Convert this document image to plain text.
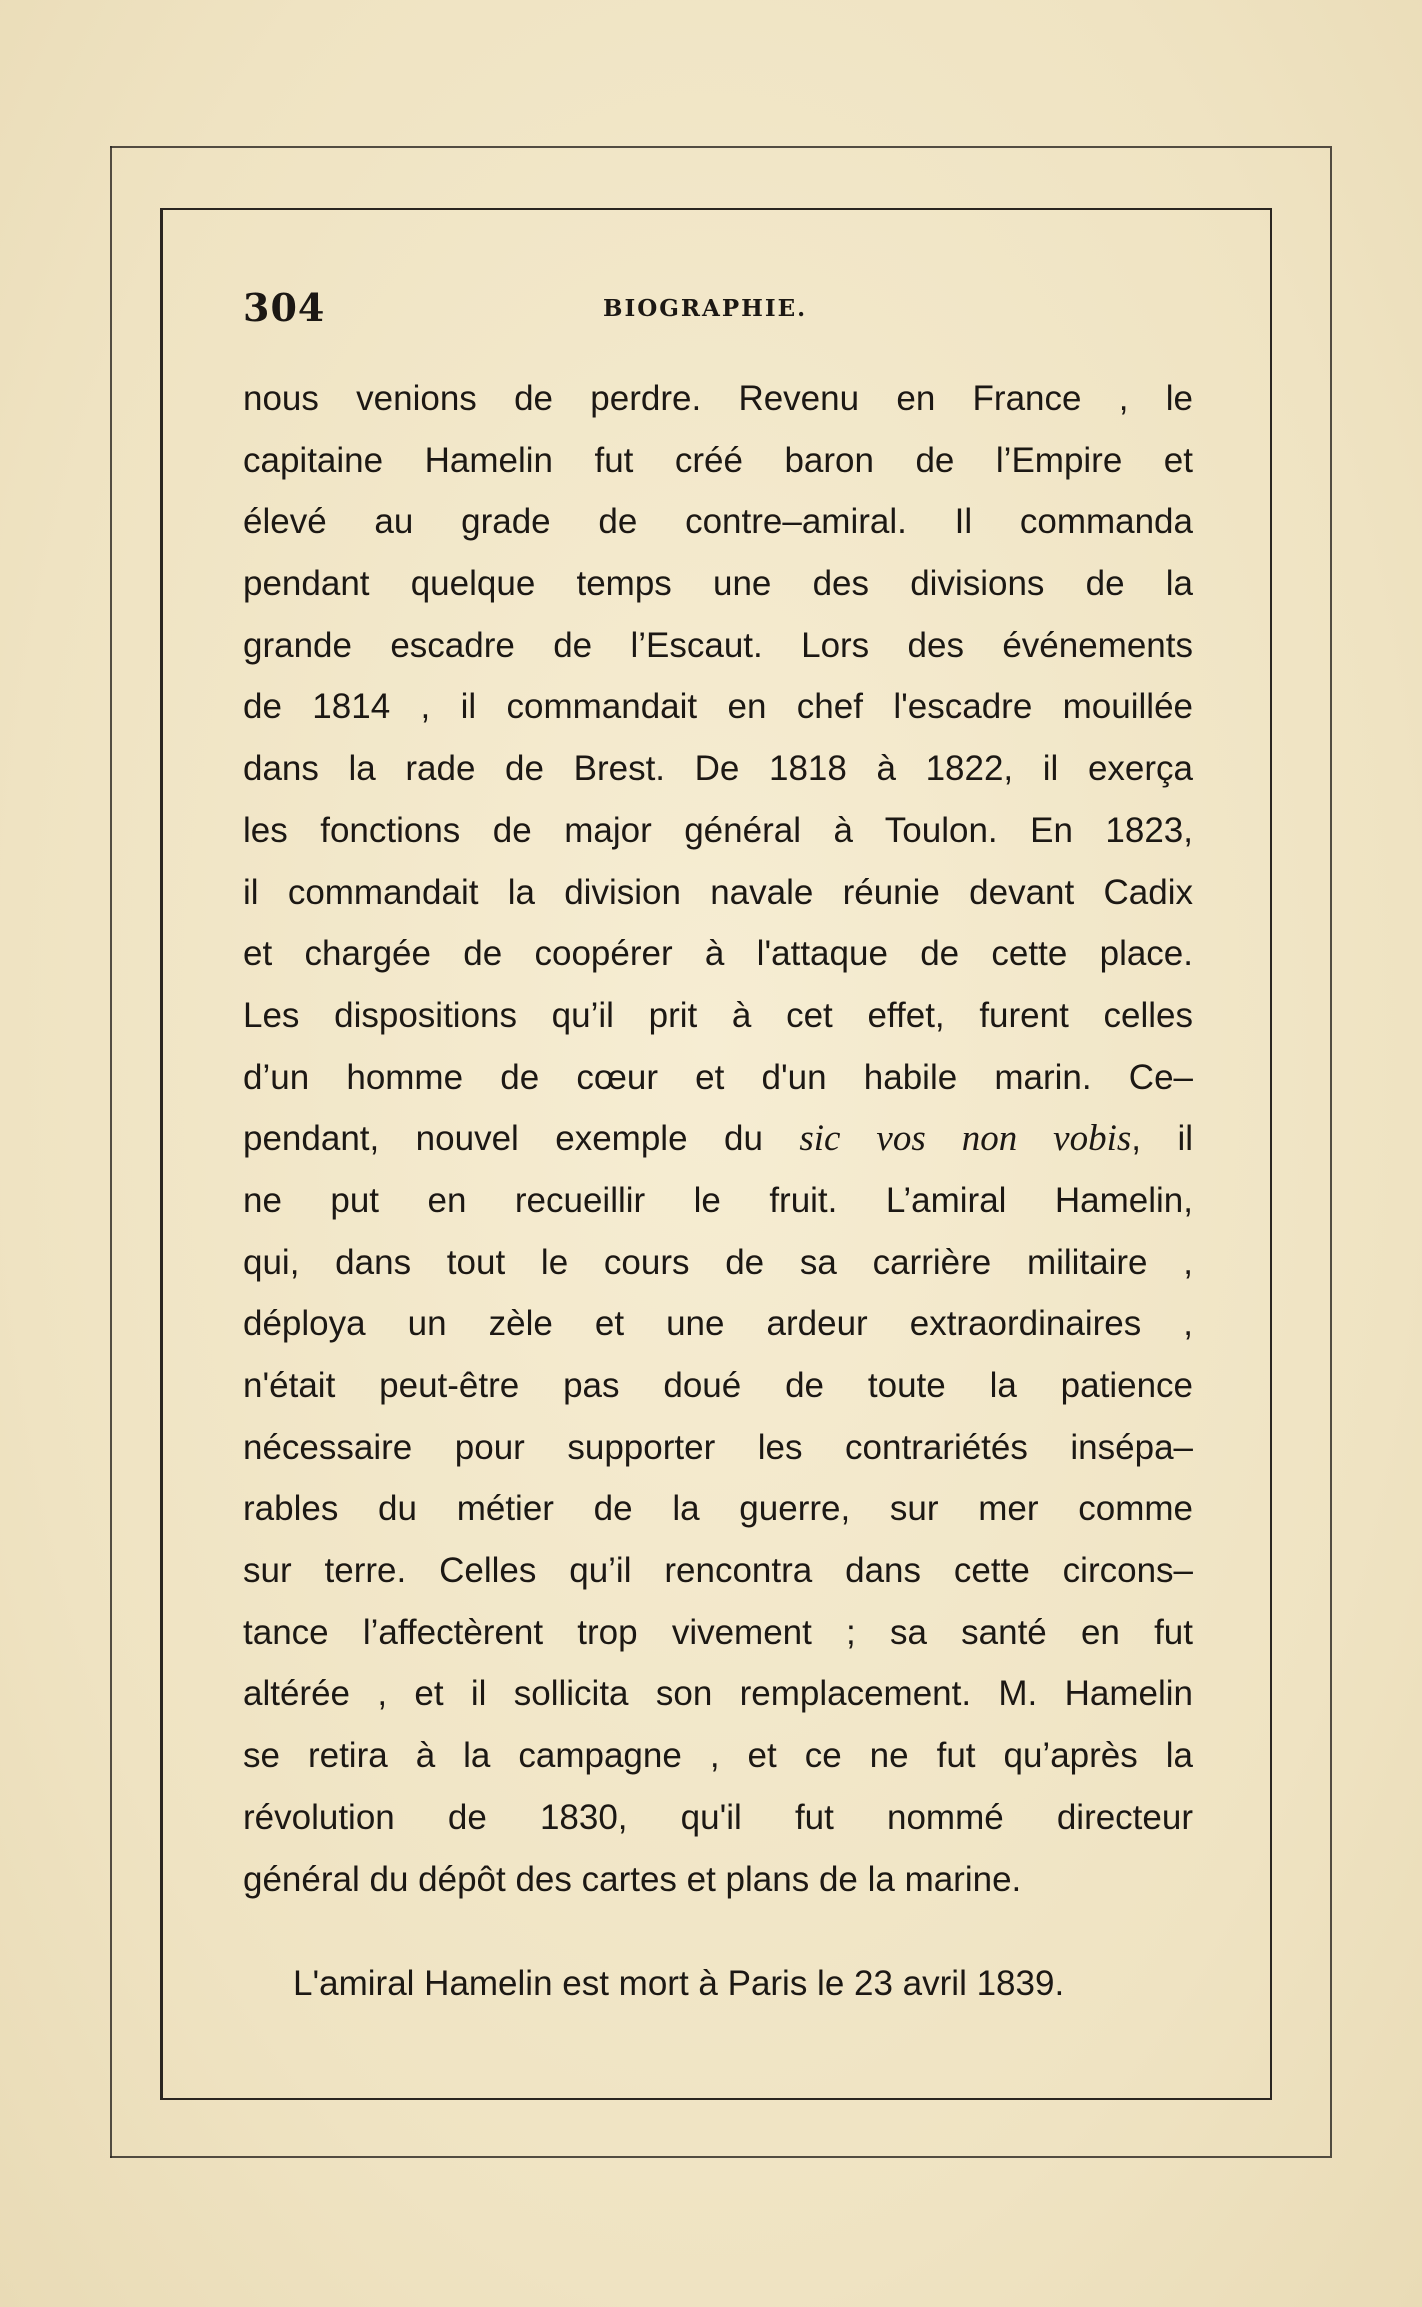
304	BIOGRAPHIE.
nous venions de perdre. Revenu en France , le
capitaine Hamelin fut créé baron de l’Empire et
élevé au grade de contre–amiral. Il commanda
pendant quelque temps une des divisions de la
grande escadre de l’Escaut. Lors des événements
de 1814 , il commandait en chef l'escadre mouillée
dans la rade de Brest. De 1818 à 1822, il exerça
les fonctions de major général à Toulon. En 1823,
il commandait la division navale réunie devant Cadix
et chargée de coopérer à l'attaque de cette place.
Les dispositions qu’il prit à cet effet, furent celles
d’un homme de cœur et d'un habile marin. Ce–
pendant, nouvel exemple du sic vos non vobis, il
ne put en recueillir le fruit. L’amiral Hamelin,
qui, dans tout le cours de sa carrière militaire ,
déploya un zèle et une ardeur extraordinaires ,
n'était peut-être pas doué de toute la patience
nécessaire pour supporter les contrariétés insépa–
rables du métier de la guerre, sur mer comme
sur terre. Celles qu’il rencontra dans cette circons–
tance l’affectèrent trop vivement ; sa santé en fut
altérée , et il sollicita son remplacement. M. Hamelin
se retira à la campagne , et ce ne fut qu’après la
révolution de 1830, qu'il fut nommé directeur
général du dépôt des cartes et plans de la marine.
L'amiral Hamelin est mort à Paris le 23 avril 1839.
